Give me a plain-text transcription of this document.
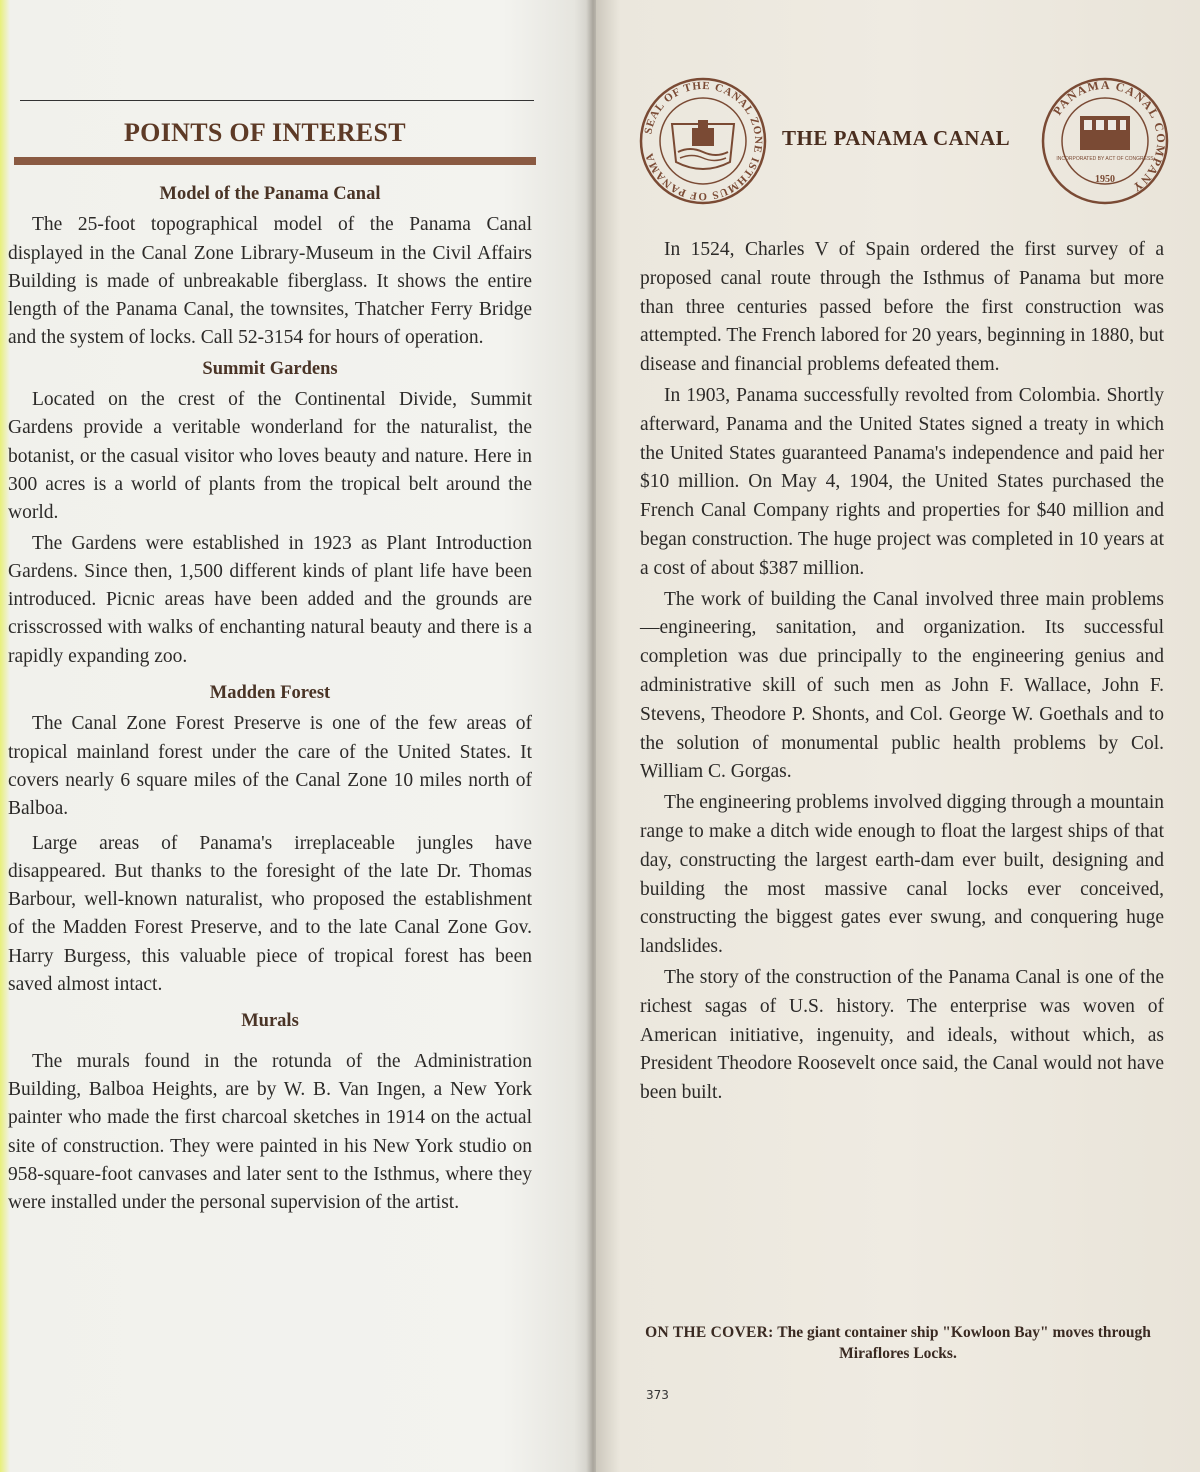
POINTS OF INTEREST
Model of the Panama Canal

The 25-foot topographical model of the Panama Canal displayed in the Canal Zone Library-Museum in the Civil Affairs Building is made of unbreakable fiberglass. It shows the entire length of the Panama Canal, the townsites, Thatcher Ferry Bridge and the system of locks. Call 52-3154 for hours of operation.

Summit Gardens

Located on the crest of the Continental Divide, Summit Gardens provide a veritable wonderland for the naturalist, the botanist, or the casual visitor who loves beauty and nature. Here in 300 acres is a world of plants from the tropical belt around the world.

The Gardens were established in 1923 as Plant Introduction Gardens. Since then, 1,500 different kinds of plant life have been introduced. Picnic areas have been added and the grounds are crisscrossed with walks of enchanting natural beauty and there is a rapidly expanding zoo.

Madden Forest

The Canal Zone Forest Preserve is one of the few areas of tropical mainland forest under the care of the United States. It covers nearly 6 square miles of the Canal Zone 10 miles north of Balboa.

Large areas of Panama's irreplaceable jungles have disappeared. But thanks to the foresight of the late Dr. Thomas Barbour, well-known naturalist, who proposed the establishment of the Madden Forest Preserve, and to the late Canal Zone Gov. Harry Burgess, this valuable piece of tropical forest has been saved almost intact.

Murals

The murals found in the rotunda of the Administration Building, Balboa Heights, are by W. B. Van Ingen, a New York painter who made the first charcoal sketches in 1914 on the actual site of construction. They were painted in his New York studio on 958-square-foot canvases and later sent to the Isthmus, where they were installed under the personal supervision of the artist.

SEAL OF THE CANAL ZONE ISTHMUS OF PANAMA
THE PANAMA CANAL
PANAMA CANAL COMPANY
INCORPORATED BY ACT OF CONGRESS
1950

In 1524, Charles V of Spain ordered the first survey of a proposed canal route through the Isthmus of Panama but more than three centuries passed before the first construction was attempted. The French labored for 20 years, beginning in 1880, but disease and financial problems defeated them.

In 1903, Panama successfully revolted from Colombia. Shortly afterward, Panama and the United States signed a treaty in which the United States guaranteed Panama's independence and paid her $10 million. On May 4, 1904, the United States purchased the French Canal Company rights and properties for $40 million and began construction. The huge project was completed in 10 years at a cost of about $387 million.

The work of building the Canal involved three main problems—engineering, sanitation, and organization. Its successful completion was due principally to the engineering genius and administrative skill of such men as John F. Wallace, John F. Stevens, Theodore P. Shonts, and Col. George W. Goethals and to the solution of monumental public health problems by Col. William C. Gorgas.

The engineering problems involved digging through a mountain range to make a ditch wide enough to float the largest ships of that day, constructing the largest earth-dam ever built, designing and building the most massive canal locks ever conceived, constructing the biggest gates ever swung, and conquering huge landslides.

The story of the construction of the Panama Canal is one of the richest sagas of U.S. history. The enterprise was woven of American initiative, ingenuity, and ideals, without which, as President Theodore Roosevelt once said, the Canal would not have been built.

ON THE COVER: The giant container ship "Kowloon Bay" moves through Miraflores Locks.
373
